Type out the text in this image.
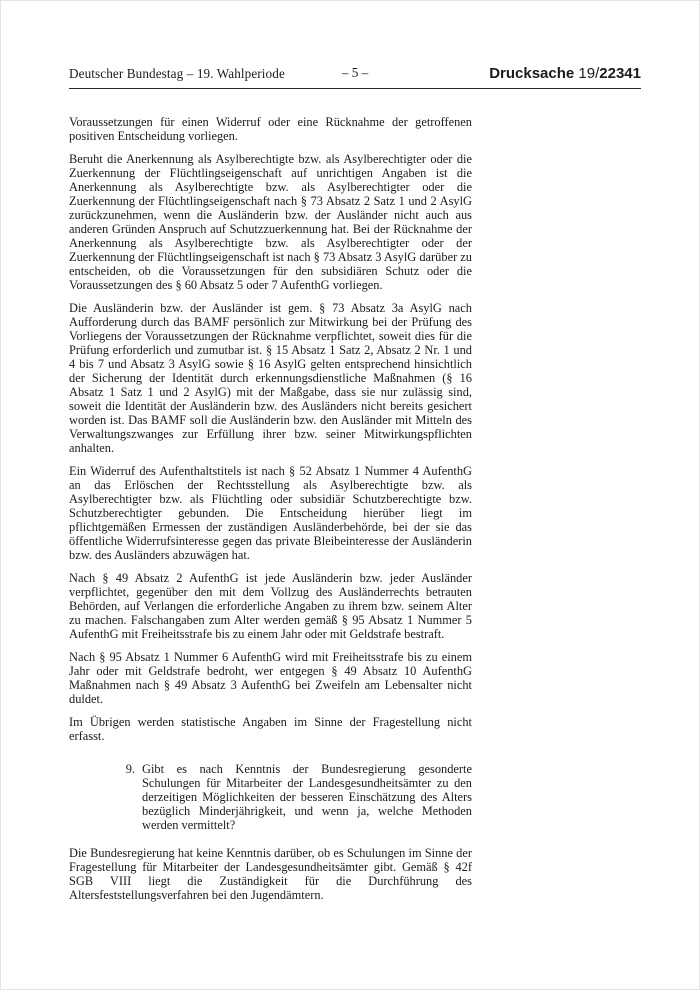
Deutscher Bundestag – 19. Wahlperiode	– 5 –	Drucksache 19/22341

Voraussetzungen für einen Widerruf oder eine Rücknahme der getroffenen positiven Entscheidung vorliegen.

Beruht die Anerkennung als Asylberechtigte bzw. als Asylberechtigter oder die Zuerkennung der Flüchtlingseigenschaft auf unrichtigen Angaben ist die Anerkennung als Asylberechtigte bzw. als Asylberechtigter oder die Zuerkennung der Flüchtlingseigenschaft nach § 73 Absatz 2 Satz 1 und 2 AsylG zurückzunehmen, wenn die Ausländerin bzw. der Ausländer nicht auch aus anderen Gründen Anspruch auf Schutzzuerkennung hat. Bei der Rücknahme der Anerkennung als Asylberechtigte bzw. als Asylberechtigter oder der Zuerkennung der Flüchtlingseigenschaft ist nach § 73 Absatz 3 AsylG darüber zu entscheiden, ob die Voraussetzungen für den subsidiären Schutz oder die Voraussetzungen des § 60 Absatz 5 oder 7 AufenthG vorliegen.

Die Ausländerin bzw. der Ausländer ist gem. § 73 Absatz 3a AsylG nach Aufforderung durch das BAMF persönlich zur Mitwirkung bei der Prüfung des Vorliegens der Voraussetzungen der Rücknahme verpflichtet, soweit dies für die Prüfung erforderlich und zumutbar ist. § 15 Absatz 1 Satz 2, Absatz 2 Nr. 1 und 4 bis 7 und Absatz 3 AsylG sowie § 16 AsylG gelten entsprechend hinsichtlich der Sicherung der Identität durch erkennungsdienstliche Maßnahmen (§ 16 Absatz 1 Satz 1 und 2 AsylG) mit der Maßgabe, dass sie nur zulässig sind, soweit die Identität der Ausländerin bzw. des Ausländers nicht bereits gesichert worden ist. Das BAMF soll die Ausländerin bzw. den Ausländer mit Mitteln des Verwaltungszwanges zur Erfüllung ihrer bzw. seiner Mitwirkungspflichten anhalten.

Ein Widerruf des Aufenthaltstitels ist nach § 52 Absatz 1 Nummer 4 AufenthG an das Erlöschen der Rechtsstellung als Asylberechtigte bzw. als Asylberechtigter bzw. als Flüchtling oder subsidiär Schutzberechtigte bzw. Schutzberechtigter gebunden. Die Entscheidung hierüber liegt im pflichtgemäßen Ermessen der zuständigen Ausländerbehörde, bei der sie das öffentliche Widerrufsinteresse gegen das private Bleibeinteresse der Ausländerin bzw. des Ausländers abzuwägen hat.

Nach § 49 Absatz 2 AufenthG ist jede Ausländerin bzw. jeder Ausländer verpflichtet, gegenüber den mit dem Vollzug des Ausländerrechts betrauten Behörden, auf Verlangen die erforderliche Angaben zu ihrem bzw. seinem Alter zu machen. Falschangaben zum Alter werden gemäß § 95 Absatz 1 Nummer 5 AufenthG mit Freiheitsstrafe bis zu einem Jahr oder mit Geldstrafe bestraft.

Nach § 95 Absatz 1 Nummer 6 AufenthG wird mit Freiheitsstrafe bis zu einem Jahr oder mit Geldstrafe bedroht, wer entgegen § 49 Absatz 10 AufenthG Maßnahmen nach § 49 Absatz 3 AufenthG bei Zweifeln am Lebensalter nicht duldet.

Im Übrigen werden statistische Angaben im Sinne der Fragestellung nicht erfasst.

9. Gibt es nach Kenntnis der Bundesregierung gesonderte Schulungen für Mitarbeiter der Landesgesundheitsämter zu den derzeitigen Möglichkeiten der besseren Einschätzung des Alters bezüglich Minderjährigkeit, und wenn ja, welche Methoden werden vermittelt?

Die Bundesregierung hat keine Kenntnis darüber, ob es Schulungen im Sinne der Fragestellung für Mitarbeiter der Landesgesundheitsämter gibt. Gemäß § 42f SGB VIII liegt die Zuständigkeit für die Durchführung des Altersfeststellungsverfahren bei den Jugendämtern.
